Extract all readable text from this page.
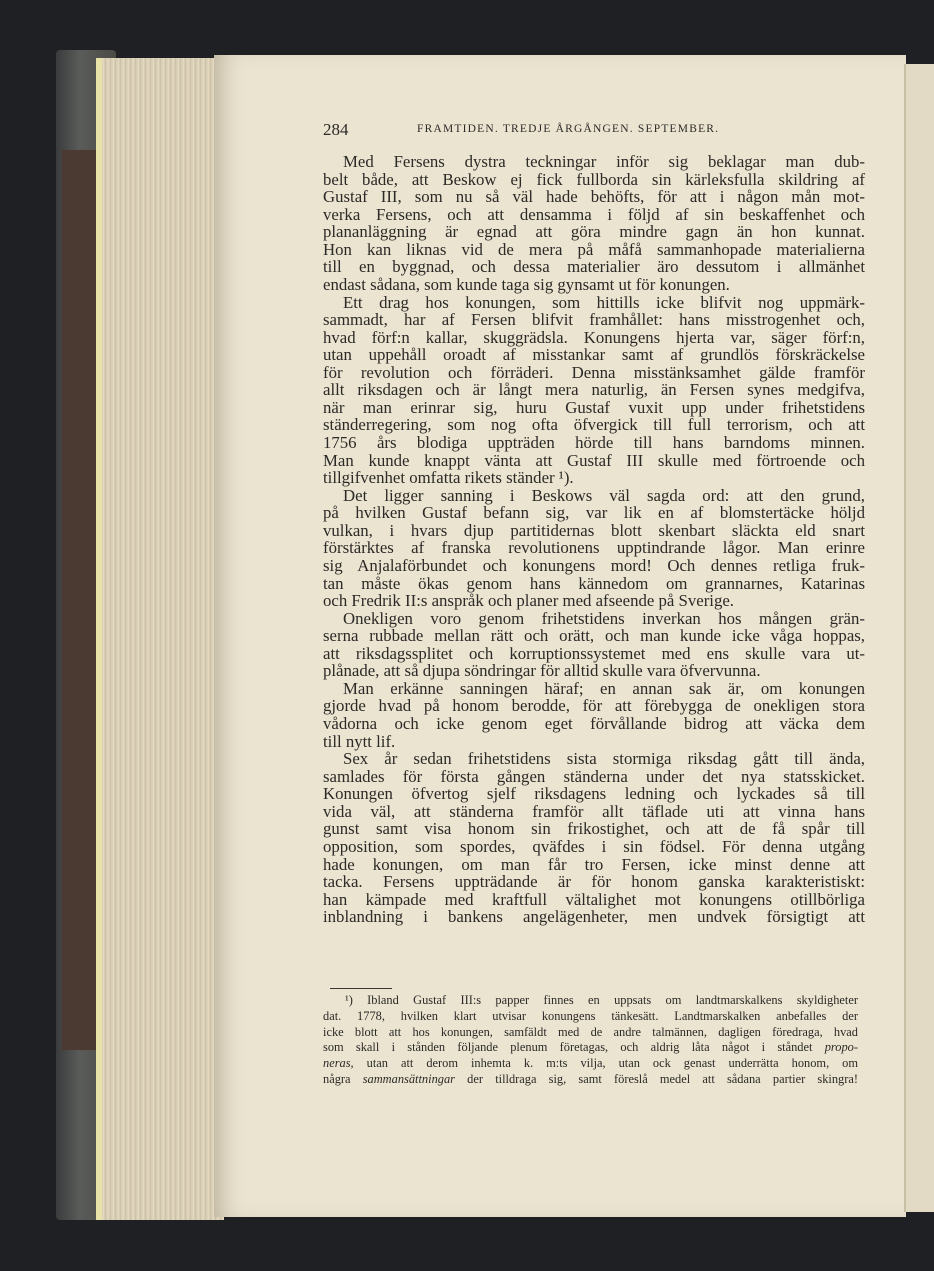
284	FRAMTIDEN. TREDJE ÅRGÅNGEN. SEPTEMBER.
Med Fersens dystra teckningar inför sig beklagar man dub-
belt både, att Beskow ej fick fullborda sin kärleksfulla skildring af
Gustaf III, som nu så väl hade behöfts, för att i någon mån mot-
verka Fersens, och att densamma i följd af sin beskaffenhet och
plananläggning är egnad att göra mindre gagn än hon kunnat.
Hon kan liknas vid de mera på måfå sammanhopade materialierna
till en byggnad, och dessa materialier äro dessutom i allmänhet
endast sådana, som kunde taga sig gynsamt ut för konungen.
Ett drag hos konungen, som hittills icke blifvit nog uppmärk-
sammadt, har af Fersen blifvit framhållet: hans misstrogenhet och,
hvad förf:n kallar, skuggrädsla. Konungens hjerta var, säger förf:n,
utan uppehåll oroadt af misstankar samt af grundlös förskräckelse
för revolution och förräderi. Denna misstänksamhet gälde framför
allt riksdagen och är långt mera naturlig, än Fersen synes medgifva,
när man erinrar sig, huru Gustaf vuxit upp under frihetstidens
ständerregering, som nog ofta öfvergick till full terrorism, och att
1756 års blodiga uppträden hörde till hans barndoms minnen.
Man kunde knappt vänta att Gustaf III skulle med förtroende och
tillgifvenhet omfatta rikets ständer ¹).
Det ligger sanning i Beskows väl sagda ord: att den grund,
på hvilken Gustaf befann sig, var lik en af blomstertäcke höljd
vulkan, i hvars djup partitidernas blott skenbart släckta eld snart
förstärktes af franska revolutionens upptindrande lågor. Man erinre
sig Anjalaförbundet och konungens mord! Och dennes retliga fruk-
tan måste ökas genom hans kännedom om grannarnes, Katarinas
och Fredrik II:s anspråk och planer med afseende på Sverige.
Onekligen voro genom frihetstidens inverkan hos mången grän-
serna rubbade mellan rätt och orätt, och man kunde icke våga hoppas,
att riksdagssplitet och korruptionssystemet med ens skulle vara ut-
plånade, att så djupa söndringar för alltid skulle vara öfvervunna.
Man erkänne sanningen häraf; en annan sak är, om konungen
gjorde hvad på honom berodde, för att förebygga de onekligen stora
vådorna och icke genom eget förvållande bidrog att väcka dem
till nytt lif.
Sex år sedan frihetstidens sista stormiga riksdag gått till ända,
samlades för första gången ständerna under det nya statsskicket.
Konungen öfvertog sjelf riksdagens ledning och lyckades så till
vida väl, att ständerna framför allt täflade uti att vinna hans
gunst samt visa honom sin frikostighet, och att de få spår till
opposition, som spordes, qväfdes i sin födsel. För denna utgång
hade konungen, om man får tro Fersen, icke minst denne att
tacka. Fersens uppträdande är för honom ganska karakteristiskt:
han kämpade med kraftfull vältalighet mot konungens otillbörliga
inblandning i bankens angelägenheter, men undvek försigtigt att
¹) Ibland Gustaf III:s papper finnes en uppsats om landtmarskalkens skyldigheter
dat. 1778, hvilken klart utvisar konungens tänkesätt. Landtmarskalken anbefalles der
icke blott att hos konungen, samfäldt med de andre talmännen, dagligen föredraga, hvad
som skall i stånden följande plenum företagas, och aldrig låta något i ståndet propo-
neras, utan att derom inhemta k. m:ts vilja, utan ock genast underrätta honom, om
några sammansättningar der tilldraga sig, samt föreslå medel att sådana partier skingra!
